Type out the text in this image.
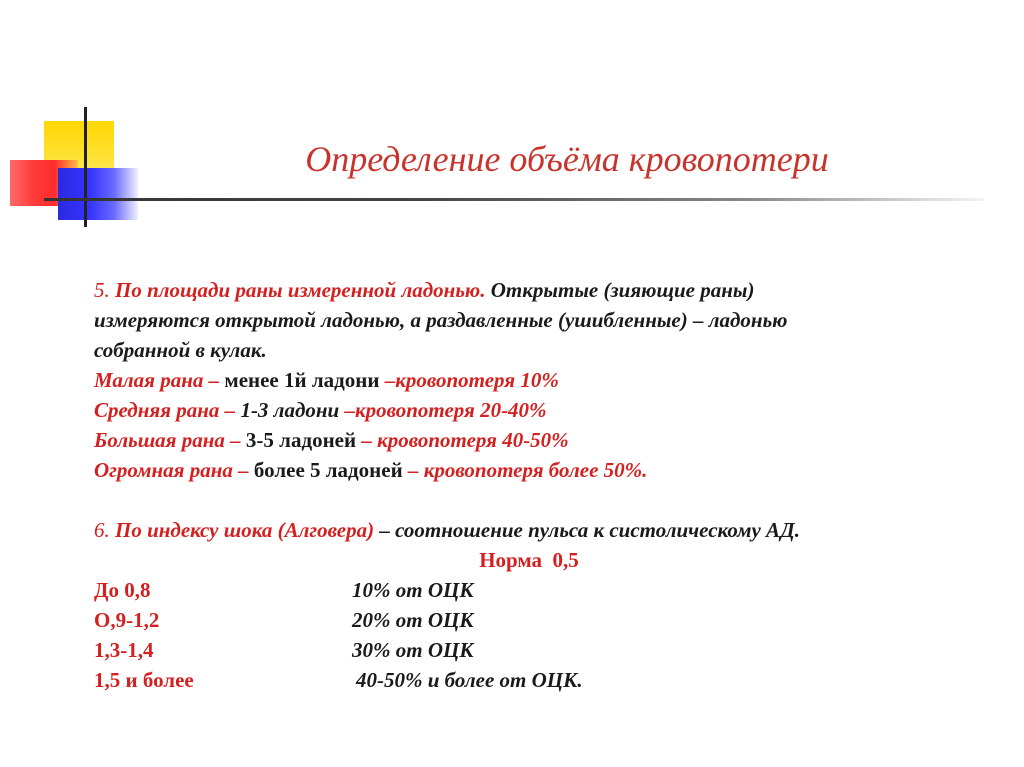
Определение объёма кровопотери
5. По площади раны измеренной ладонью. Открытые (зияющие раны)
измеряются открытой ладонью, а раздавленные (ушибленные) – ладонью
собранной в кулак.
Малая рана – менее 1й ладони –кровопотеря 10%
Средняя рана – 1-3 ладони –кровопотеря 20-40%
Большая рана – 3-5 ладоней – кровопотеря 40-50%
Огромная рана – более 5 ладоней – кровопотеря более 50%.
6. По индексу шока (Алговера) – соотношение пульса к систолическому АД.
Норма 0,5
До 0,8	10% от ОЦК
О,9-1,2	20% от ОЦК
1,3-1,4	30% от ОЦК
1,5 и более	40-50% и более от ОЦК.
